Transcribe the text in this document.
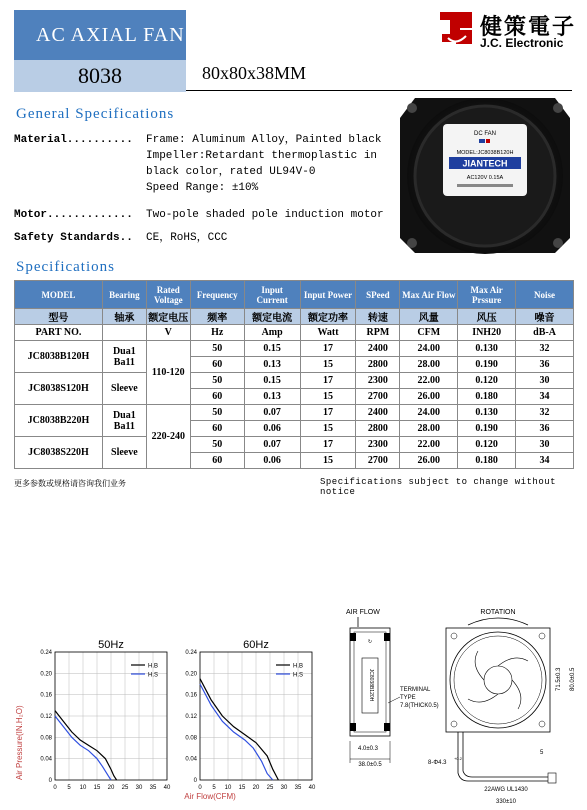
AC AXIAL FAN
8038	80x80x38MM
健策電子
J.C. Electronic
General Specifications
Material.......... Frame: Aluminum Alloy，Painted black
Impeller:Retardant thermoplastic in
black color，rated UL94V-0
Speed Range: ±10%
Motor............. Two-pole shaded pole induction motor
Safety Standards.. CE，RoHS，CCC
DC FAN
MODEL:JC8038B120H
JIANTECH
AC120V 0.15A
Specifications
MODEL	Bearing	Rated Voltage	Frequency	Input Current	Input Power	SPeed	Max Air Flow	Max Air Prssure	Noise
型号	轴承	额定电压	频率	额定电流	额定功率	转速	风量	风压	噪音
PART NO.		V	Hz	Amp	Watt	RPM	CFM	INH20	dB-A
JC8038B120H	Dua1 Ba11	110-120	50	0.15	17	2400	24.00	0.130	32
			60	0.13	15	2800	28.00	0.190	36
JC8038S120H	Sleeve		50	0.15	17	2300	22.00	0.120	30
			60	0.13	15	2700	26.00	0.180	34
JC8038B220H	Dua1 Ba11	220-240	50	0.07	17	2400	24.00	0.130	32
			60	0.06	15	2800	28.00	0.190	36
JC8038S220H	Sleeve		50	0.07	17	2300	22.00	0.120	30
			60	0.06	15	2700	26.00	0.180	34
更多参数或规格请咨询我们业务	Specifications subject to change without notice
Air Pressure(IN.H₂O)
Air Flow(CFM)
50Hz
0 5 10 15 20 25 30 35 40
0
0.04
0.08
0.12
0.16
0.20
0.24
H.B
H.S
60Hz
0 5 10 15 20 25 30 35 40
0
0.04
0.08
0.12
0.16
0.20
0.24
H.B
H.S
AIR FLOW
JC8038B120H
↻
TERMINAL
TYPE
7.8(THICK0.5)
4.0±0.3
38.0±0.5
ROTATION
71.5±0.3 80.0±0.5
8-Φ4.3
+0.2
5
22AWG UL1430
330±10
